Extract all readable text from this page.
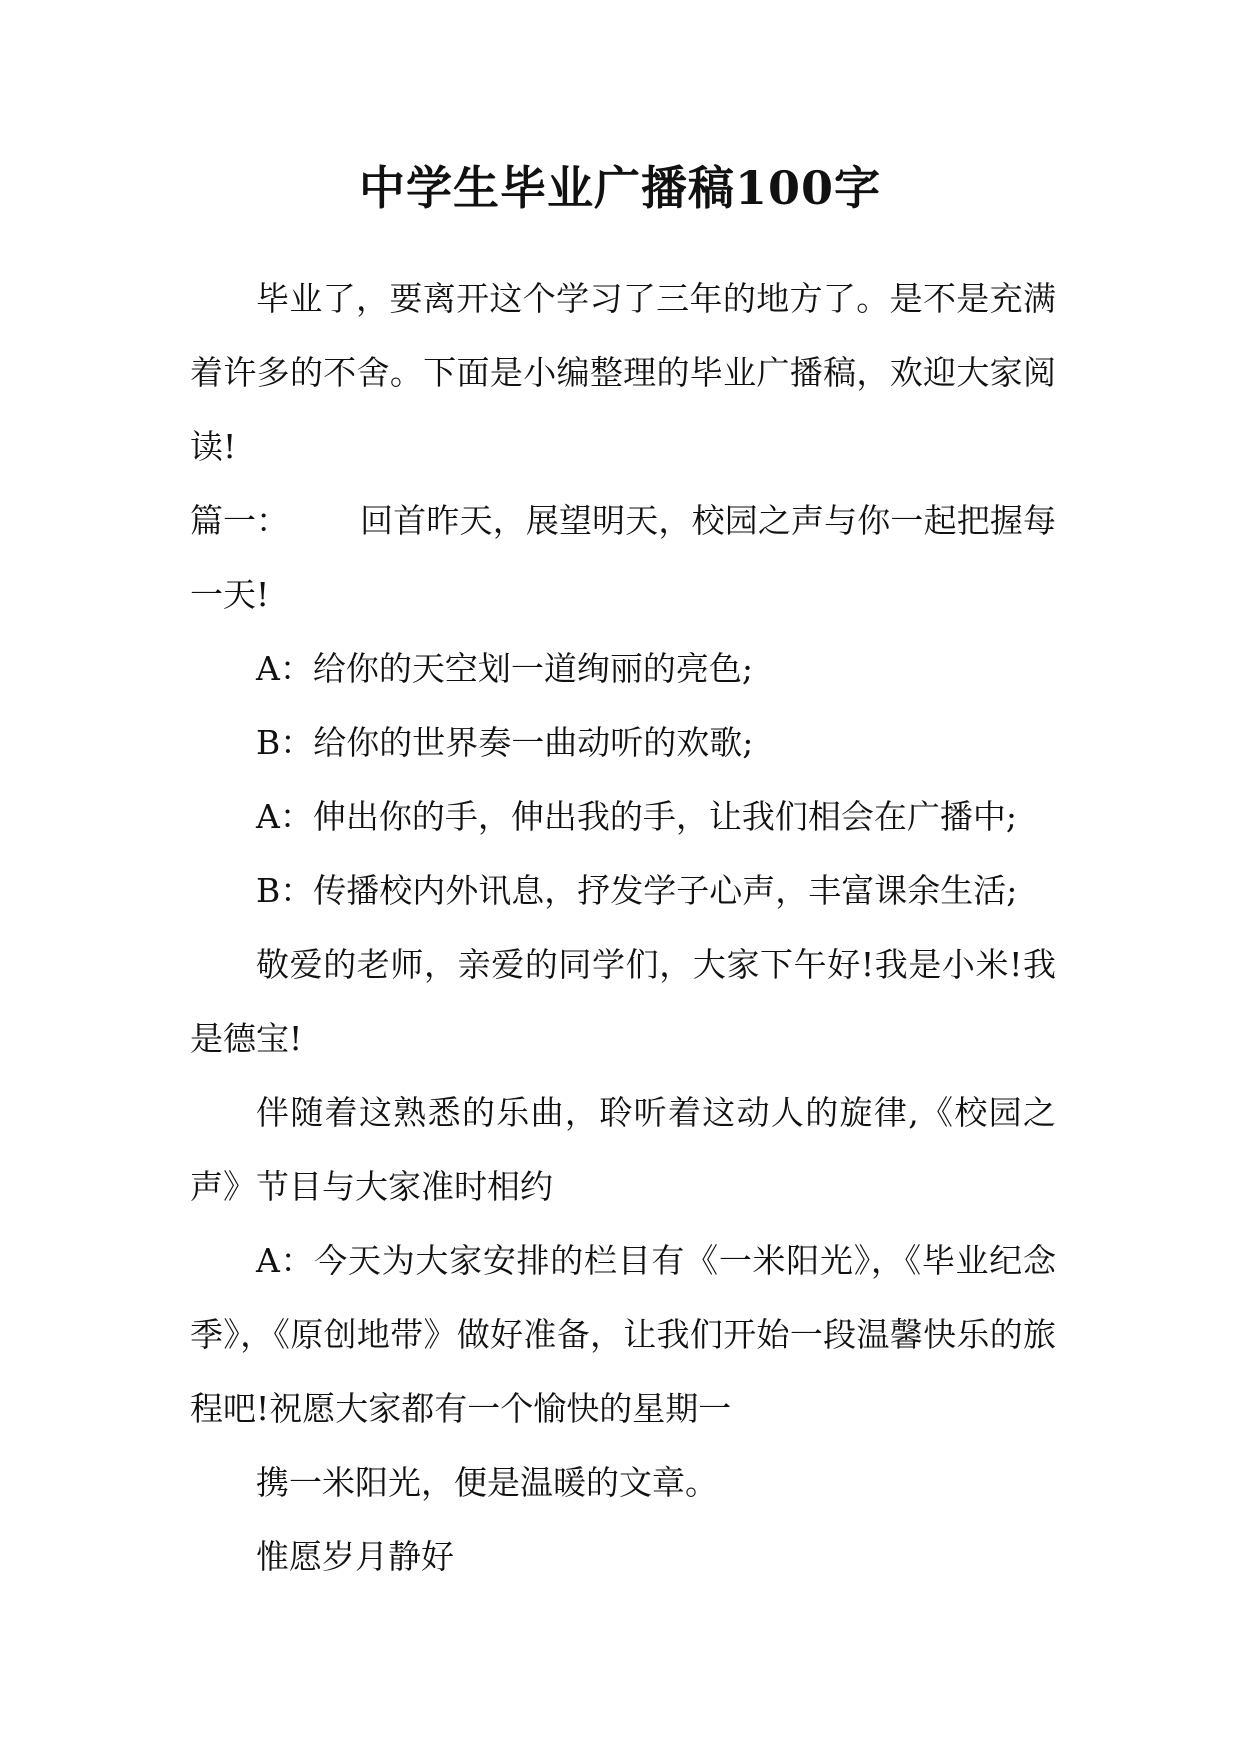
中学生毕业广播稿100字

毕业了，要离开这个学习了三年的地方了。是不是充满着许多的不舍。下面是小编整理的毕业广播稿，欢迎大家阅读!

篇一： 回首昨天，展望明天，校园之声与你一起把握每一天!

A：给你的天空划一道绚丽的亮色;

B：给你的世界奏一曲动听的欢歌;

A：伸出你的手，伸出我的手，让我们相会在广播中;

B：传播校内外讯息，抒发学子心声，丰富课余生活;

敬爱的老师，亲爱的同学们，大家下午好!我是小米!我是德宝!

伴随着这熟悉的乐曲，聆听着这动人的旋律,《校园之声》节目与大家准时相约

A：今天为大家安排的栏目有《一米阳光》，《毕业纪念季》，《原创地带》做好准备，让我们开始一段温馨快乐的旅程吧!祝愿大家都有一个愉快的星期一

携一米阳光，便是温暖的文章。

惟愿岁月静好
